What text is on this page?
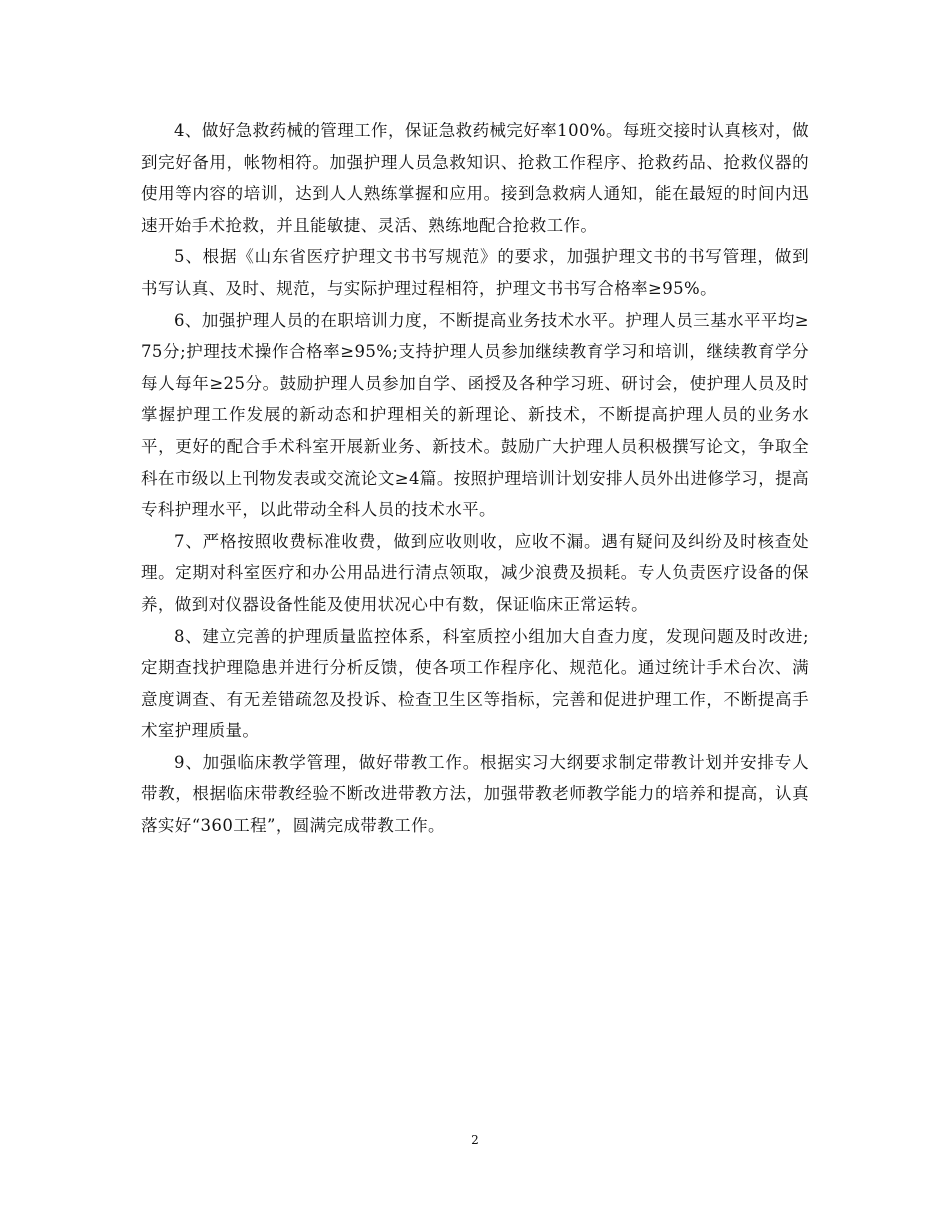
4、做好急救药械的管理工作，保证急救药械完好率100%。每班交接时认真核对，做到完好备用，帐物相符。加强护理人员急救知识、抢救工作程序、抢救药品、抢救仪器的使用等内容的培训，达到人人熟练掌握和应用。接到急救病人通知，能在最短的时间内迅速开始手术抢救，并且能敏捷、灵活、熟练地配合抢救工作。

5、根据《山东省医疗护理文书书写规范》的要求，加强护理文书的书写管理，做到书写认真、及时、规范，与实际护理过程相符，护理文书书写合格率≥95%。

6、加强护理人员的在职培训力度，不断提高业务技术水平。护理人员三基水平平均≥75分;护理技术操作合格率≥95%;支持护理人员参加继续教育学习和培训，继续教育学分每人每年≥25分。鼓励护理人员参加自学、函授及各种学习班、研讨会，使护理人员及时掌握护理工作发展的新动态和护理相关的新理论、新技术，不断提高护理人员的业务水平，更好的配合手术科室开展新业务、新技术。鼓励广大护理人员积极撰写论文，争取全科在市级以上刊物发表或交流论文≥4篇。按照护理培训计划安排人员外出进修学习，提高专科护理水平，以此带动全科人员的技术水平。

7、严格按照收费标准收费，做到应收则收，应收不漏。遇有疑问及纠纷及时核查处理。定期对科室医疗和办公用品进行清点领取，减少浪费及损耗。专人负责医疗设备的保养，做到对仪器设备性能及使用状况心中有数，保证临床正常运转。

8、建立完善的护理质量监控体系，科室质控小组加大自查力度，发现问题及时改进;定期查找护理隐患并进行分析反馈，使各项工作程序化、规范化。通过统计手术台次、满意度调查、有无差错疏忽及投诉、检查卫生区等指标，完善和促进护理工作，不断提高手术室护理质量。

9、加强临床教学管理，做好带教工作。根据实习大纲要求制定带教计划并安排专人带教，根据临床带教经验不断改进带教方法，加强带教老师教学能力的培养和提高，认真落实好“360工程”，圆满完成带教工作。

2
